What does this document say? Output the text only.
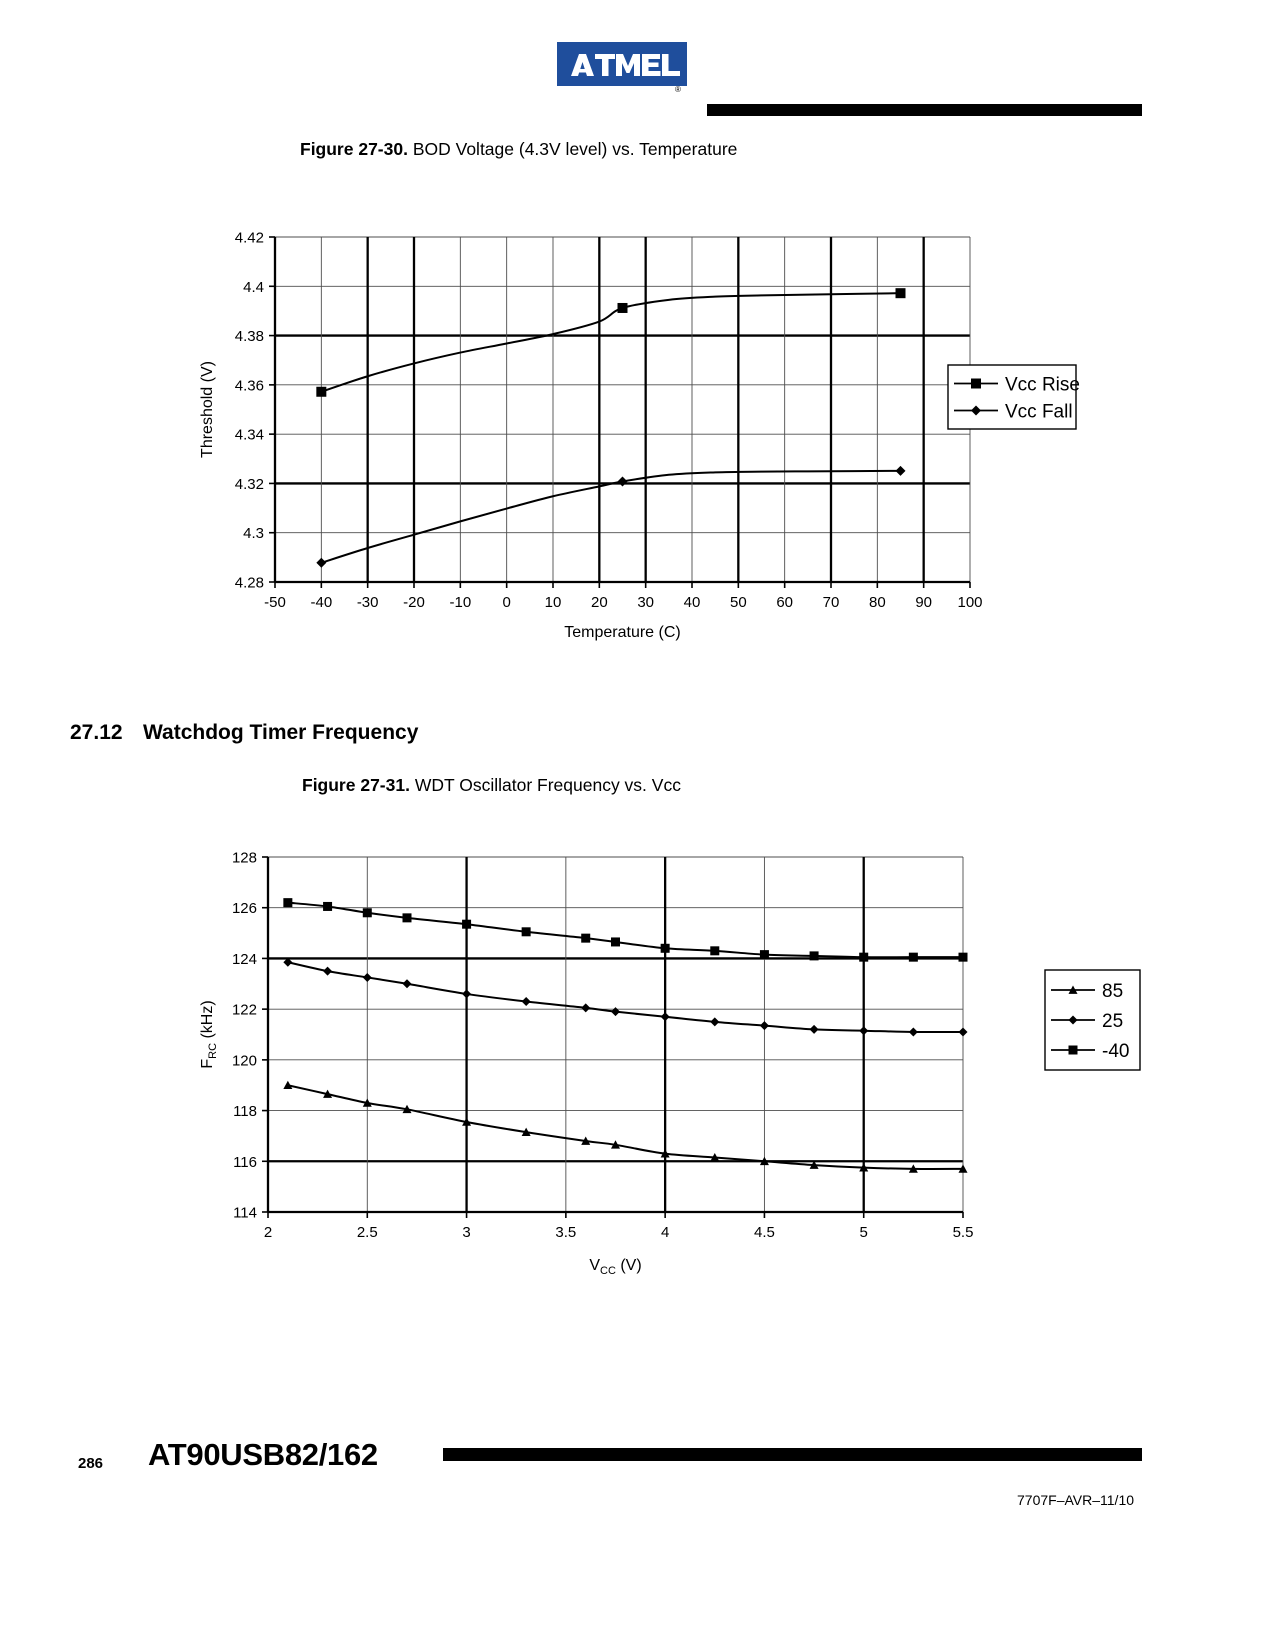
®
Figure 27-30. BOD Voltage (4.3V level) vs. Temperature
4.28
4.3
4.32
4.34
4.36
4.38
4.4
4.42
-50 -40 -30 -20 -10 0 10 20 30 40 50 60 70 80 90 100
Temperature (C)
Threshold (V)	Vcc Rise
Vcc Fall
27.12 Watchdog Timer Frequency
Figure 27-31. WDT Oscillator Frequency vs. Vcc
114
116
118
120
122
124
126
128
2	2.5	3	3.5	4	4.5	5	5.5
$V_{CC}$ (V)
$F_{RC}$ (kHz)
85
25
-40
286 AT90USB82/162
7707F–AVR–11/10
